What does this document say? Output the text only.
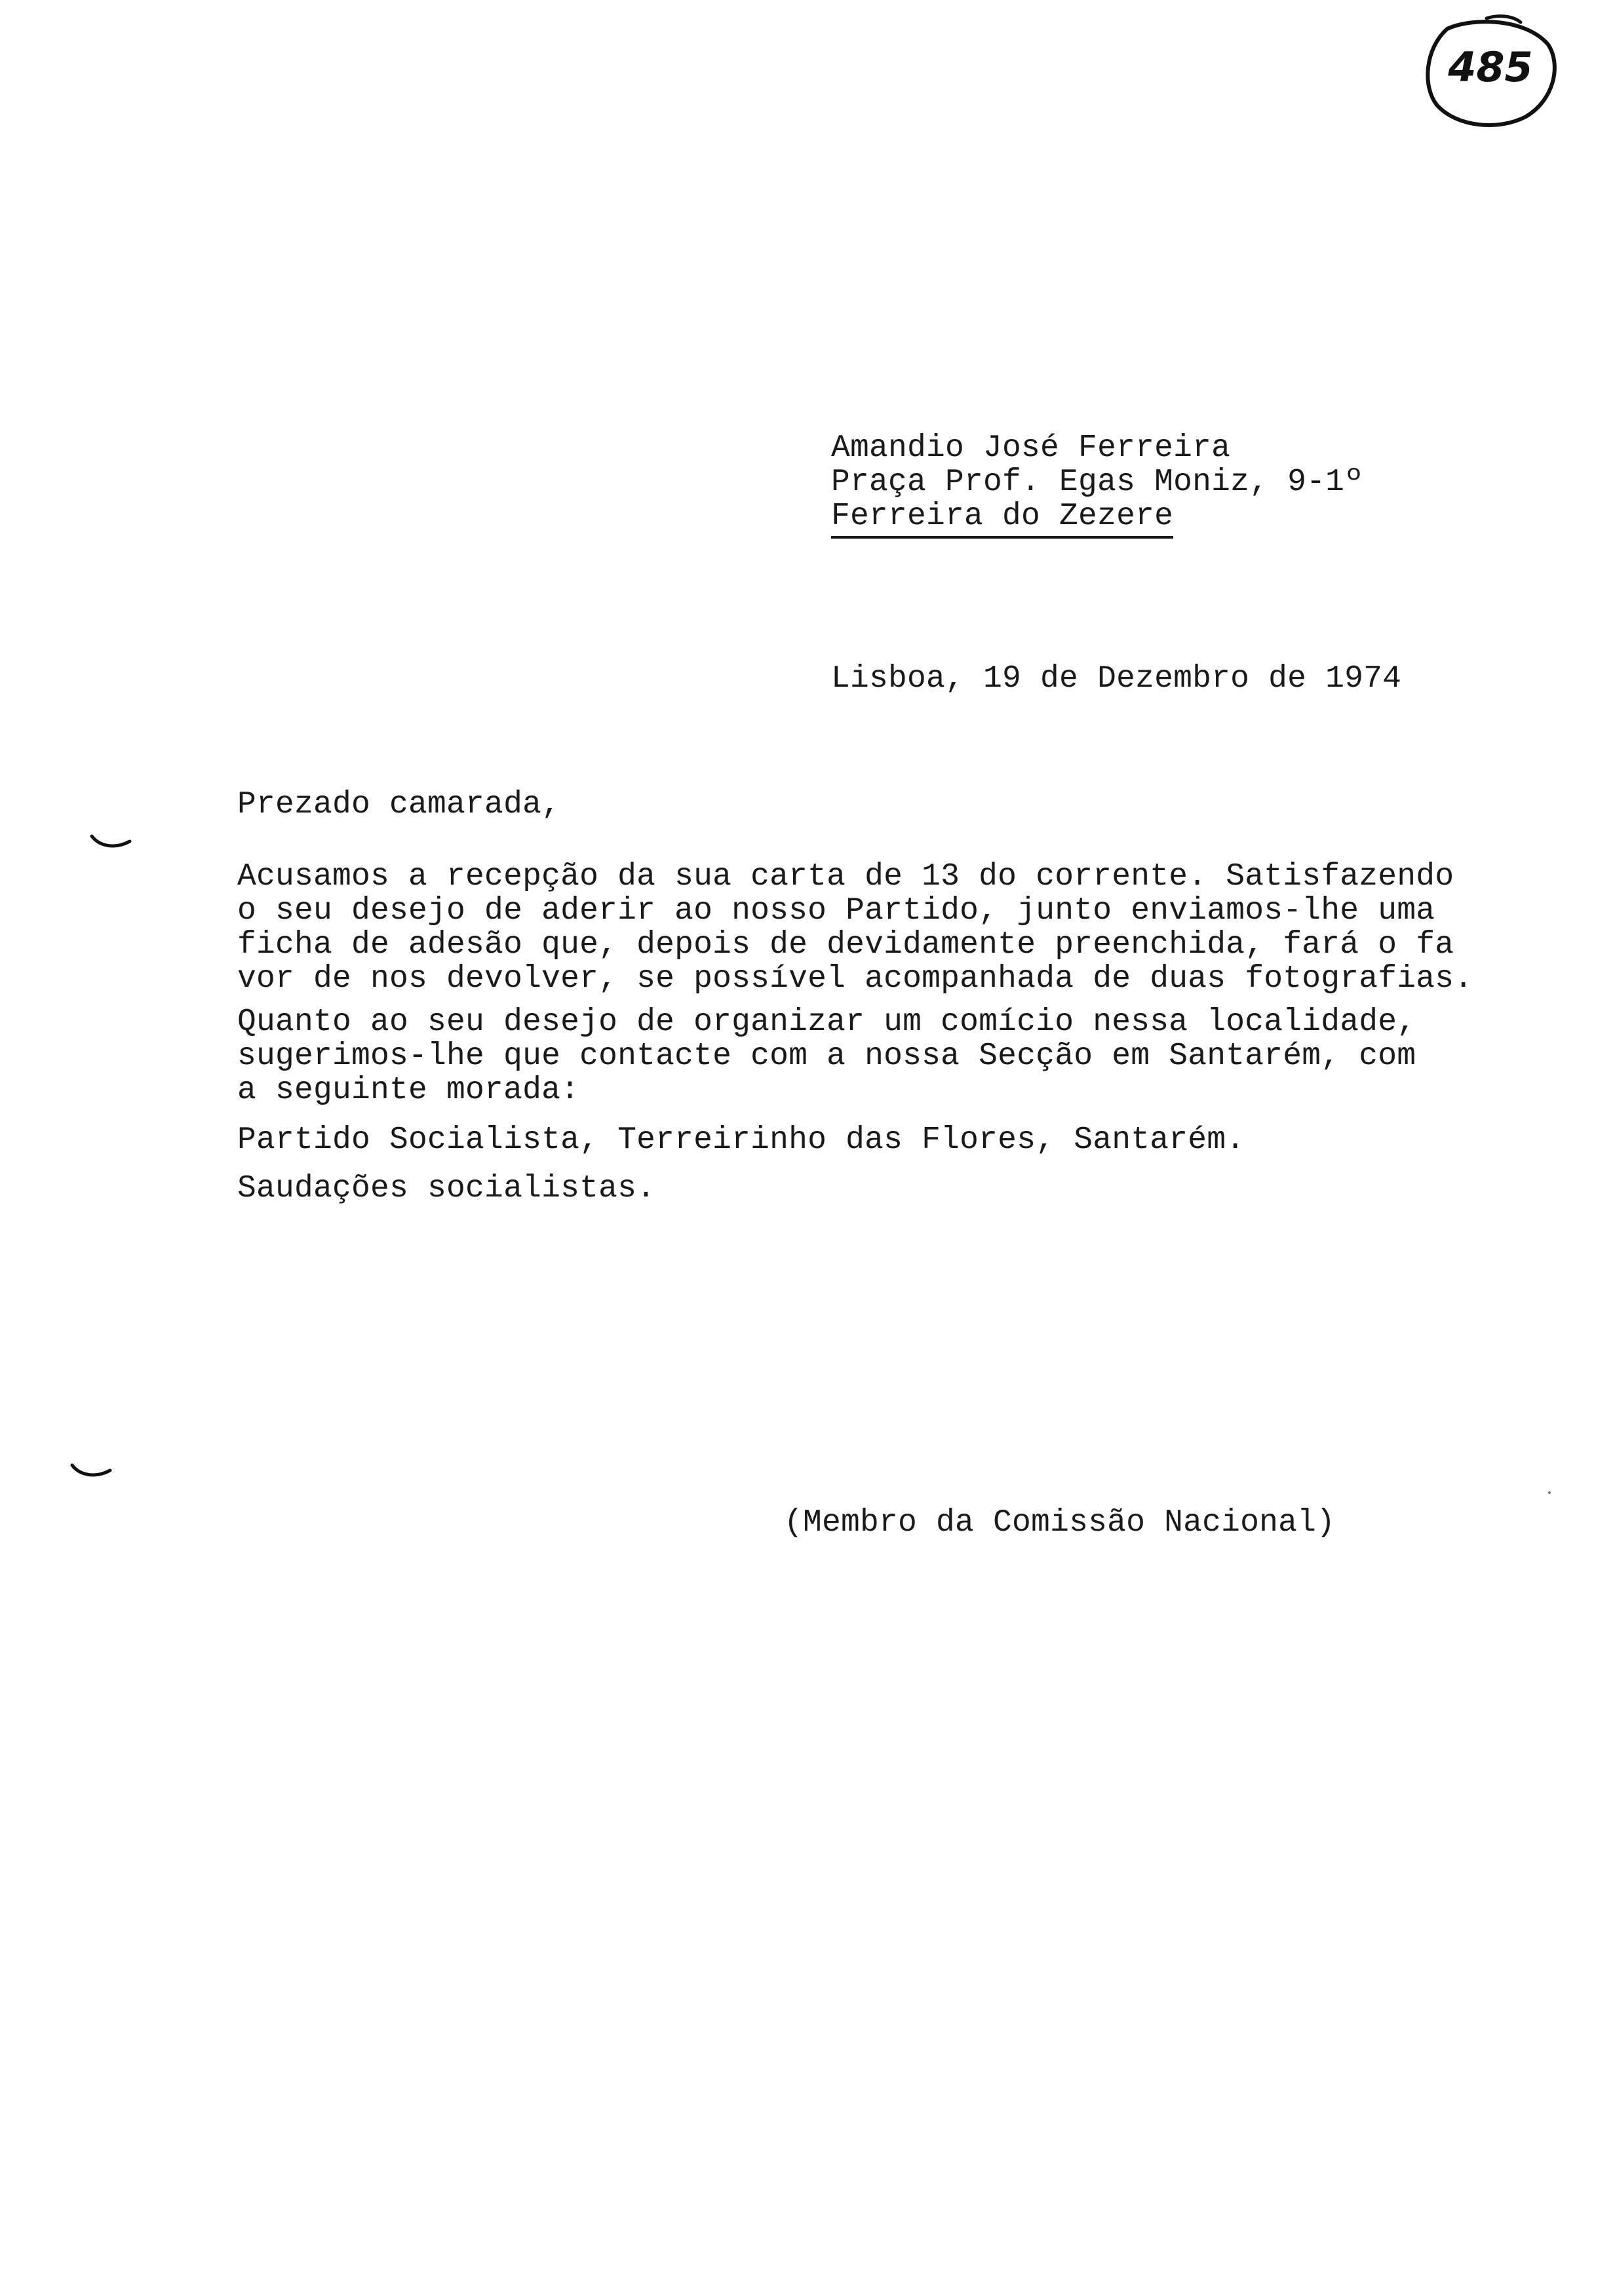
485
Amandio José Ferreira
Praça Prof. Egas Moniz, 9-1º
Ferreira do Zezere
Lisboa, 19 de Dezembro de 1974
Prezado camarada,
Acusamos a recepção da sua carta de 13 do corrente. Satisfazendo
o seu desejo de aderir ao nosso Partido, junto enviamos-lhe uma
ficha de adesão que, depois de devidamente preenchida, fará o fa
vor de nos devolver, se possível acompanhada de duas fotografias.
Quanto ao seu desejo de organizar um comício nessa localidade,
sugerimos-lhe que contacte com a nossa Secção em Santarém, com
a seguinte morada:
Partido Socialista, Terreirinho das Flores, Santarém.
Saudações socialistas.
(Membro da Comissão Nacional)
